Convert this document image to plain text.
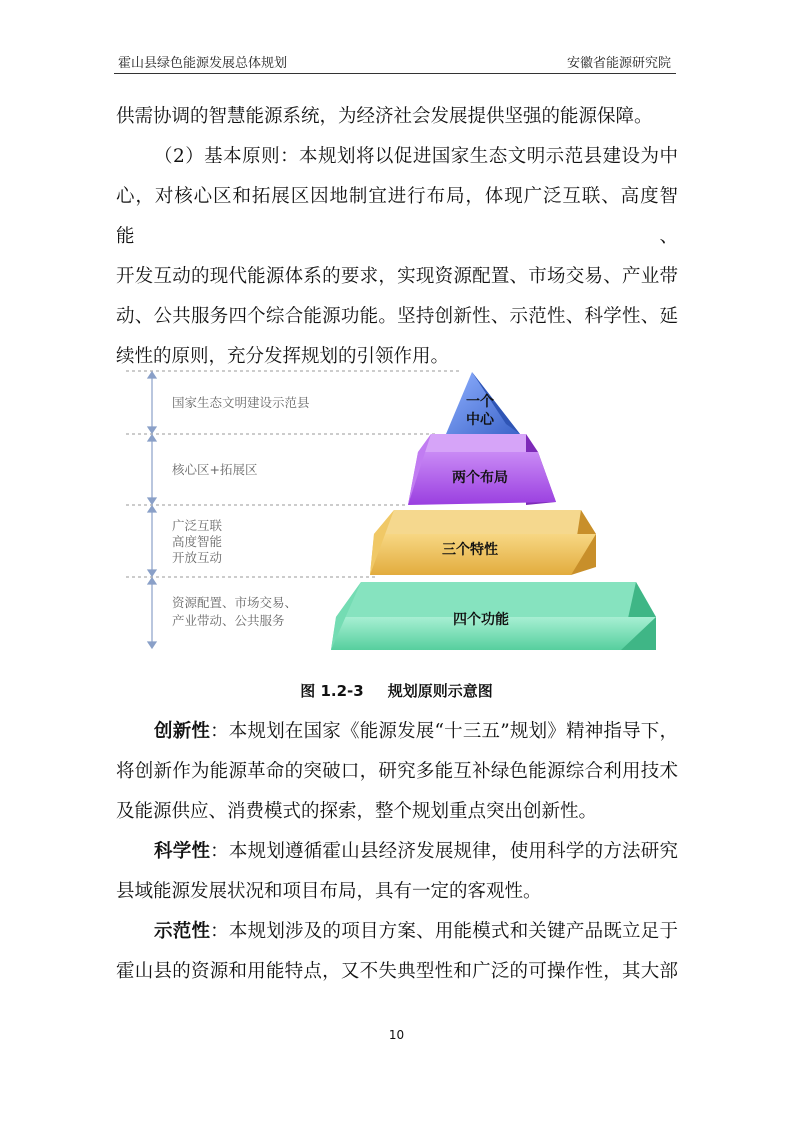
霍山县绿色能源发展总体规划	安徽省能源研究院

供需协调的智慧能源系统，为经济社会发展提供坚强的能源保障。

（2）基本原则：本规划将以促进国家生态文明示范县建设为中

心，对核心区和拓展区因地制宜进行布局，体现广泛互联、高度智能、

开发互动的现代能源体系的要求，实现资源配置、市场交易、产业带

动、公共服务四个综合能源功能。坚持创新性、示范性、科学性、延

续性的原则，充分发挥规划的引领作用。

国家生态文明建设示范县
核心区+拓展区
广泛互联
高度智能
开放互动
资源配置、市场交易、
产业带动、公共服务	四个功能
三个特性
两个布局
一个
中心
图 1.2-3 规划原则示意图

创新性：本规划在国家《能源发展“十三五”规划》精神指导下，

将创新作为能源革命的突破口，研究多能互补绿色能源综合利用技术

及能源供应、消费模式的探索，整个规划重点突出创新性。

科学性：本规划遵循霍山县经济发展规律，使用科学的方法研究

县域能源发展状况和项目布局，具有一定的客观性。

示范性：本规划涉及的项目方案、用能模式和关键产品既立足于

霍山县的资源和用能特点，又不失典型性和广泛的可操作性，其大部

10
